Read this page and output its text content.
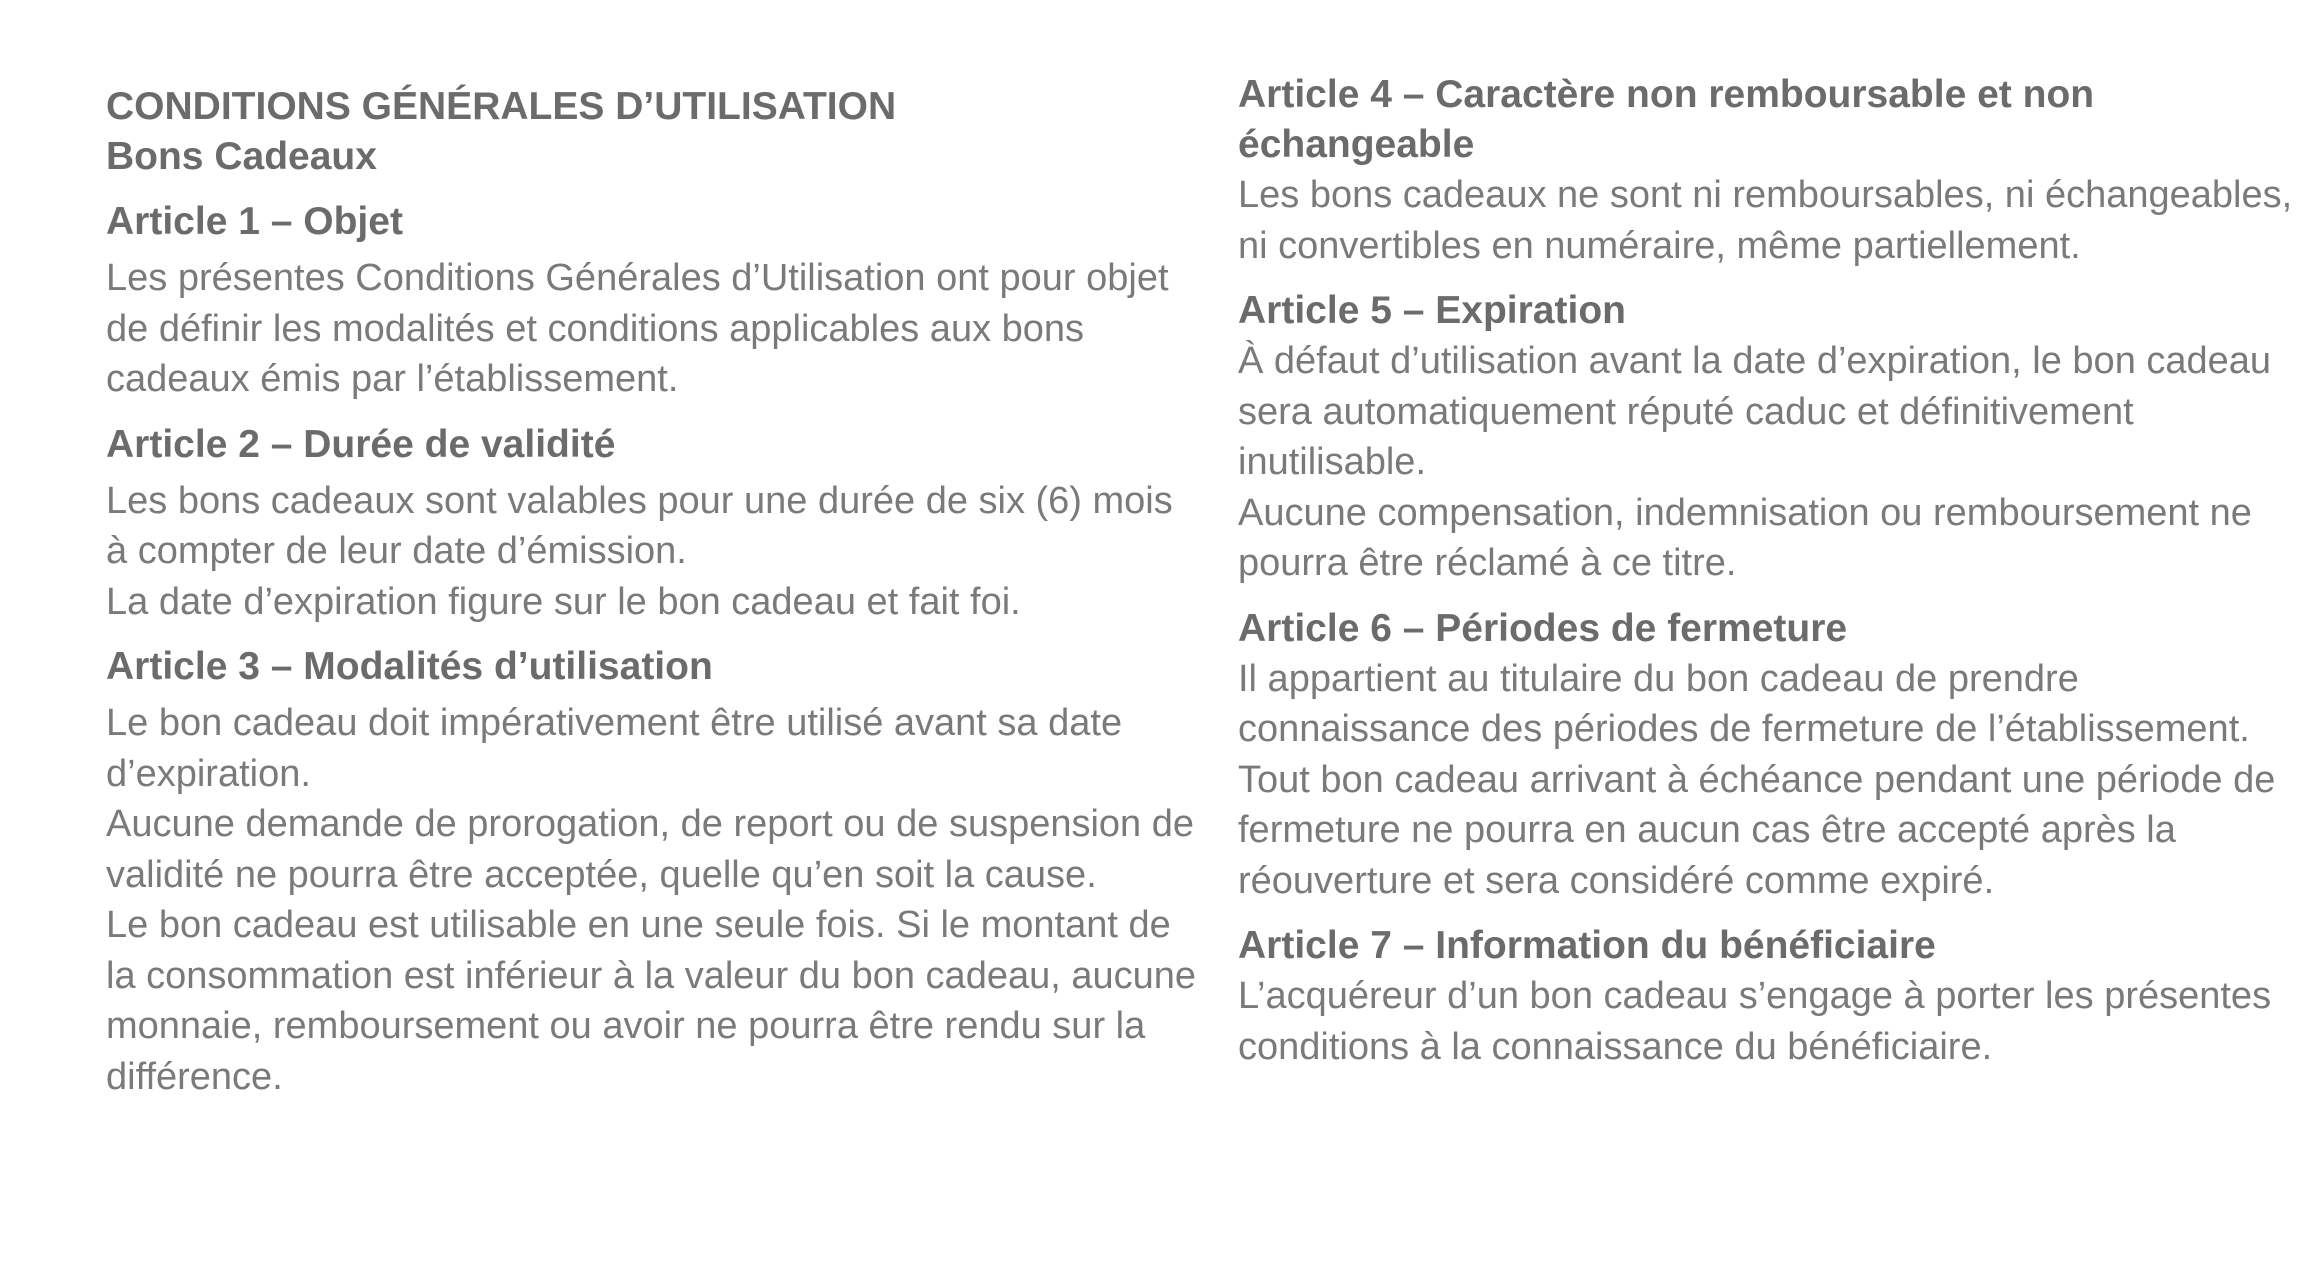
CONDITIONS GÉNÉRALES D’UTILISATION
Bons Cadeaux
Article 1 – Objet

Les présentes Conditions Générales d’Utilisation ont pour objet de définir les modalités et conditions applicables aux bons cadeaux émis par l’établissement.

Article 2 – Durée de validité

Les bons cadeaux sont valables pour une durée de six (6) mois à compter de leur date d’émission.

La date d’expiration figure sur le bon cadeau et fait foi.

Article 3 – Modalités d’utilisation

Le bon cadeau doit impérativement être utilisé avant sa date d’expiration.

Aucune demande de prorogation, de report ou de suspension de validité ne pourra être acceptée, quelle qu’en soit la cause.

Le bon cadeau est utilisable en une seule fois. Si le montant de la consommation est inférieur à la valeur du bon cadeau, aucune monnaie, remboursement ou avoir ne pourra être rendu sur la différence.

Article 4 – Caractère non remboursable et non échangeable

Les bons cadeaux ne sont ni remboursables, ni échangeables, ni convertibles en numéraire, même partiellement.

Article 5 – Expiration

À défaut d’utilisation avant la date d’expiration, le bon cadeau sera automatiquement réputé caduc et définitivement inutilisable.

Aucune compensation, indemnisation ou remboursement ne pourra être réclamé à ce titre.

Article 6 – Périodes de fermeture

Il appartient au titulaire du bon cadeau de prendre connaissance des périodes de fermeture de l’établissement.

Tout bon cadeau arrivant à échéance pendant une période de fermeture ne pourra en aucun cas être accepté après la réouverture et sera considéré comme expiré.

Article 7 – Information du bénéficiaire

L’acquéreur d’un bon cadeau s’engage à porter les présentes conditions à la connaissance du bénéficiaire.
